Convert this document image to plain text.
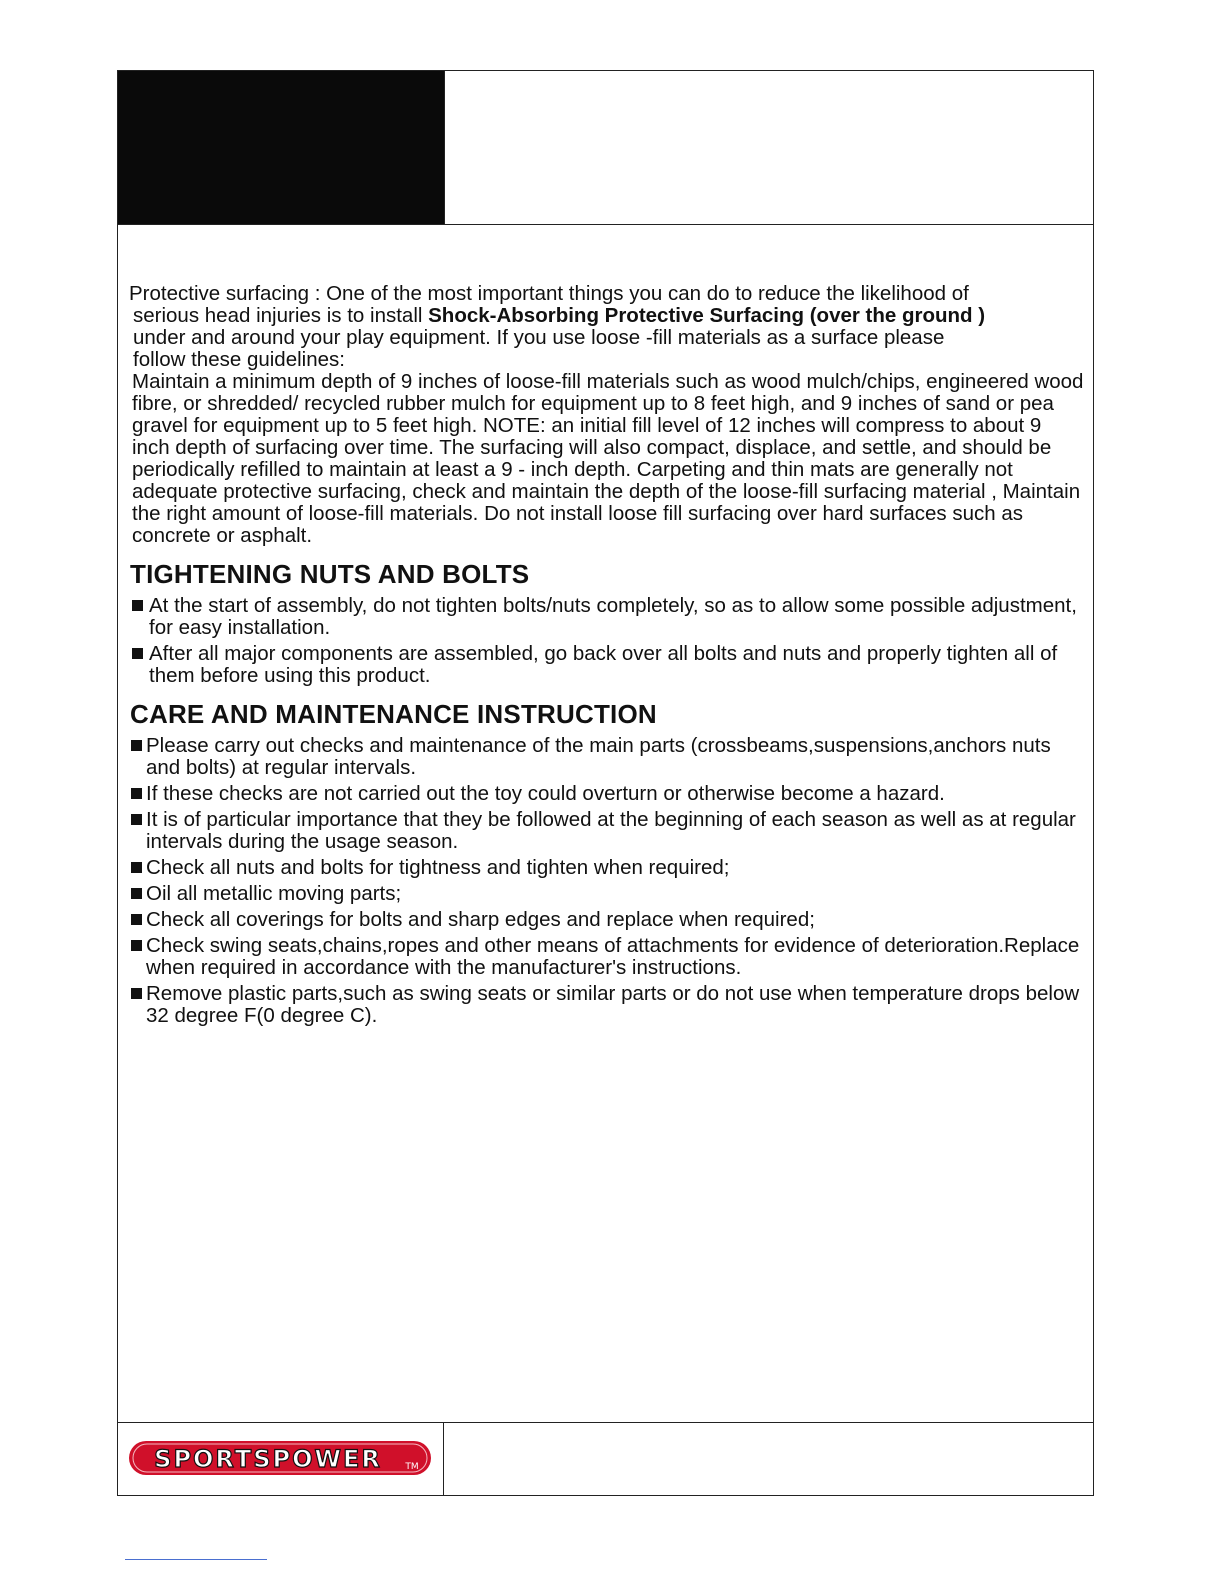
Protective surfacing : One of the most important things you can do to reduce the likelihood of

serious head injuries is to install Shock-Absorbing Protective Surfacing (over the ground )

under and around your play equipment. If you use loose -fill materials as a surface please

follow these guidelines:

Maintain a minimum depth of 9 inches of loose-fill materials such as wood mulch/chips, engineered wood fibre, or shredded/ recycled rubber mulch for equipment up to 8 feet high, and 9 inches of sand or pea gravel for equipment up to 5 feet high. NOTE: an initial fill level of 12 inches will compress to about 9 inch depth of surfacing over time. The surfacing will also compact, displace, and settle, and should be periodically refilled to maintain at least a 9 - inch depth. Carpeting and thin mats are generally not adequate protective surfacing, check and maintain the depth of the loose-fill surfacing material , Maintain the right amount of loose-fill materials. Do not install loose fill surfacing over hard surfaces such as concrete or asphalt.

TIGHTENING NUTS AND BOLTS
At the start of assembly, do not tighten bolts/nuts completely, so as to allow some possible adjustment, for easy installation.
After all major components are assembled, go back over all bolts and nuts and properly tighten all of them before using this product.
CARE AND MAINTENANCE INSTRUCTION
Please carry out checks and maintenance of the main parts (crossbeams,suspensions,anchors nuts and bolts) at regular intervals.
If these checks are not carried out the toy could overturn or otherwise become a hazard.
It is of particular importance that they be followed at the beginning of each season as well as at regular intervals during the usage season.
Check all nuts and bolts for tightness and tighten when required;
Oil all metallic moving parts;
Check all coverings for bolts and sharp edges and replace when required;
Check swing seats,chains,ropes and other means of attachments for evidence of deterioration.Replace when required in accordance with the manufacturer's instructions.
Remove plastic parts,such as swing seats or similar parts or do not use when temperature drops below 32 degree F(0 degree C).
SPORTSPOWER	TM
